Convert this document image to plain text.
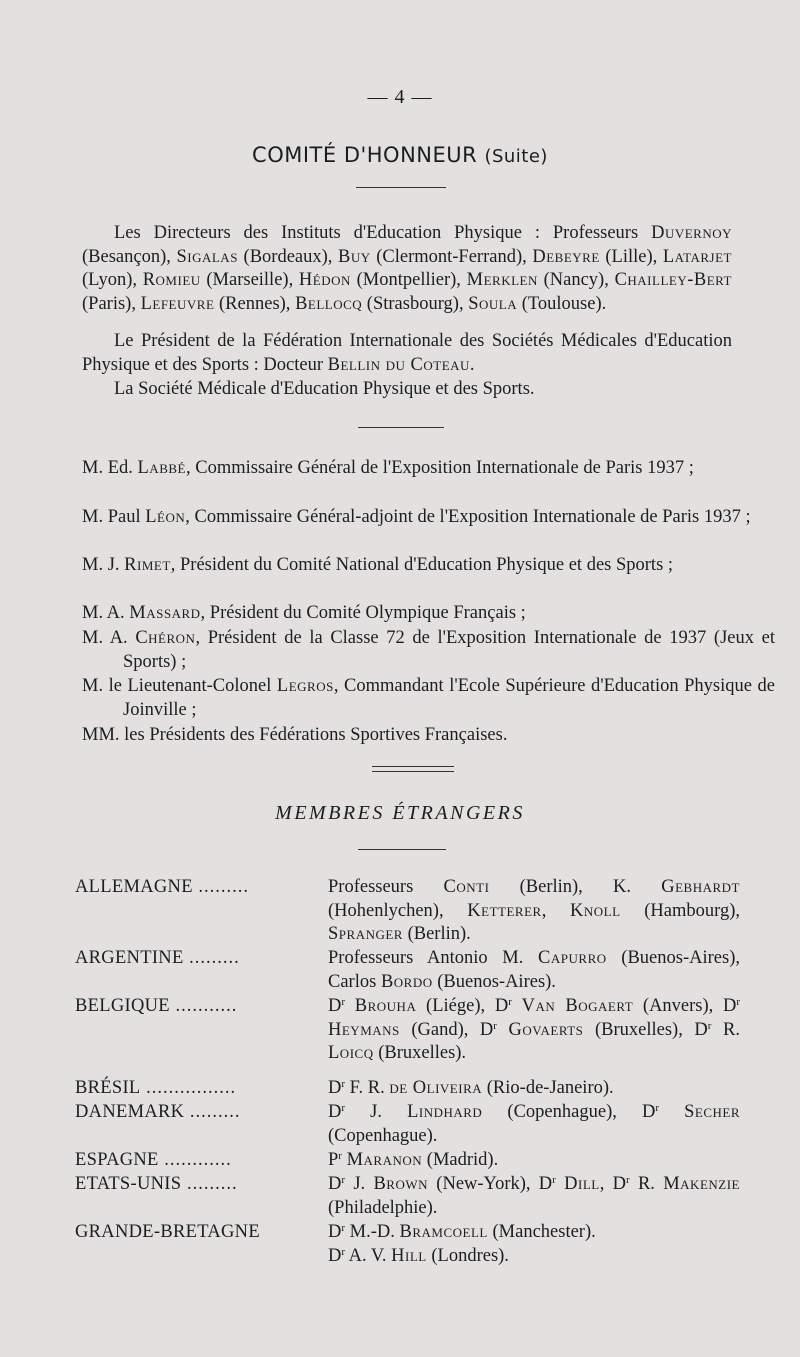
— 4 —
COMITÉ D'HONNEUR (Suite)

Les Directeurs des Instituts d'Education Physique : Professeurs Duvernoy (Besançon), Sigalas (Bordeaux), Buy (Clermont-Ferrand), Debeyre (Lille), Latarjet (Lyon), Romieu (Marseille), Hédon (Montpellier), Merklen (Nancy), Chailley-Bert (Paris), Lefeuvre (Rennes), Bellocq (Strasbourg), Soula (Toulouse).

Le Président de la Fédération Internationale des Sociétés Médicales d'Education Physique et des Sports : Docteur Bellin du Coteau.

La Société Médicale d'Education Physique et des Sports.

M. Ed. Labbé, Commissaire Général de l'Exposition Internationale de Paris 1937 ;

M. Paul Léon, Commissaire Général-adjoint de l'Exposition Internationale de Paris 1937 ;

M. J. Rimet, Président du Comité National d'Education Physique et des Sports ;

M. A. Massard, Président du Comité Olympique Français ;

M. A. Chéron, Président de la Classe 72 de l'Exposition Internationale de 1937 (Jeux et Sports) ;

M. le Lieutenant-Colonel Legros, Commandant l'Ecole Supérieure d'Education Physique de Joinville ;

MM. les Présidents des Fédérations Sportives Françaises.

MEMBRES ÉTRANGERS
ALLEMAGNE .........	Professeurs Conti (Berlin), K. Gebhardt (Hohenlychen), Ketterer, Knoll (Hambourg), Spranger (Berlin).

ARGENTINE .........	Professeurs Antonio M. Capurro (Buenos-Aires), Carlos Bordo (Buenos-Aires).

BELGIQUE ...........	$D^r$ Brouha (Liége), $D^r$ Van Bogaert (Anvers), $D^r$ Heymans (Gand), $D^r$ Govaerts (Bruxelles), $D^r$ R. Loicq (Bruxelles).

BRÉSIL ................	$D^r$ F. R. de Oliveira (Rio-de-Janeiro).

DANEMARK .........	$D^r$ J. Lindhard (Copenhague), $D^r$ Secher (Copenhague).

ESPAGNE ............	$P^r$ Maranon (Madrid).

ETATS-UNIS .........	$D^r$ J. Brown (New-York), $D^r$ Dill, $D^r$ R. Makenzie (Philadelphie).

GRANDE-BRETAGNE	$D^r$ M.-D. Bramcoell (Manchester).
$D^r$ A. V. Hill (Londres).
